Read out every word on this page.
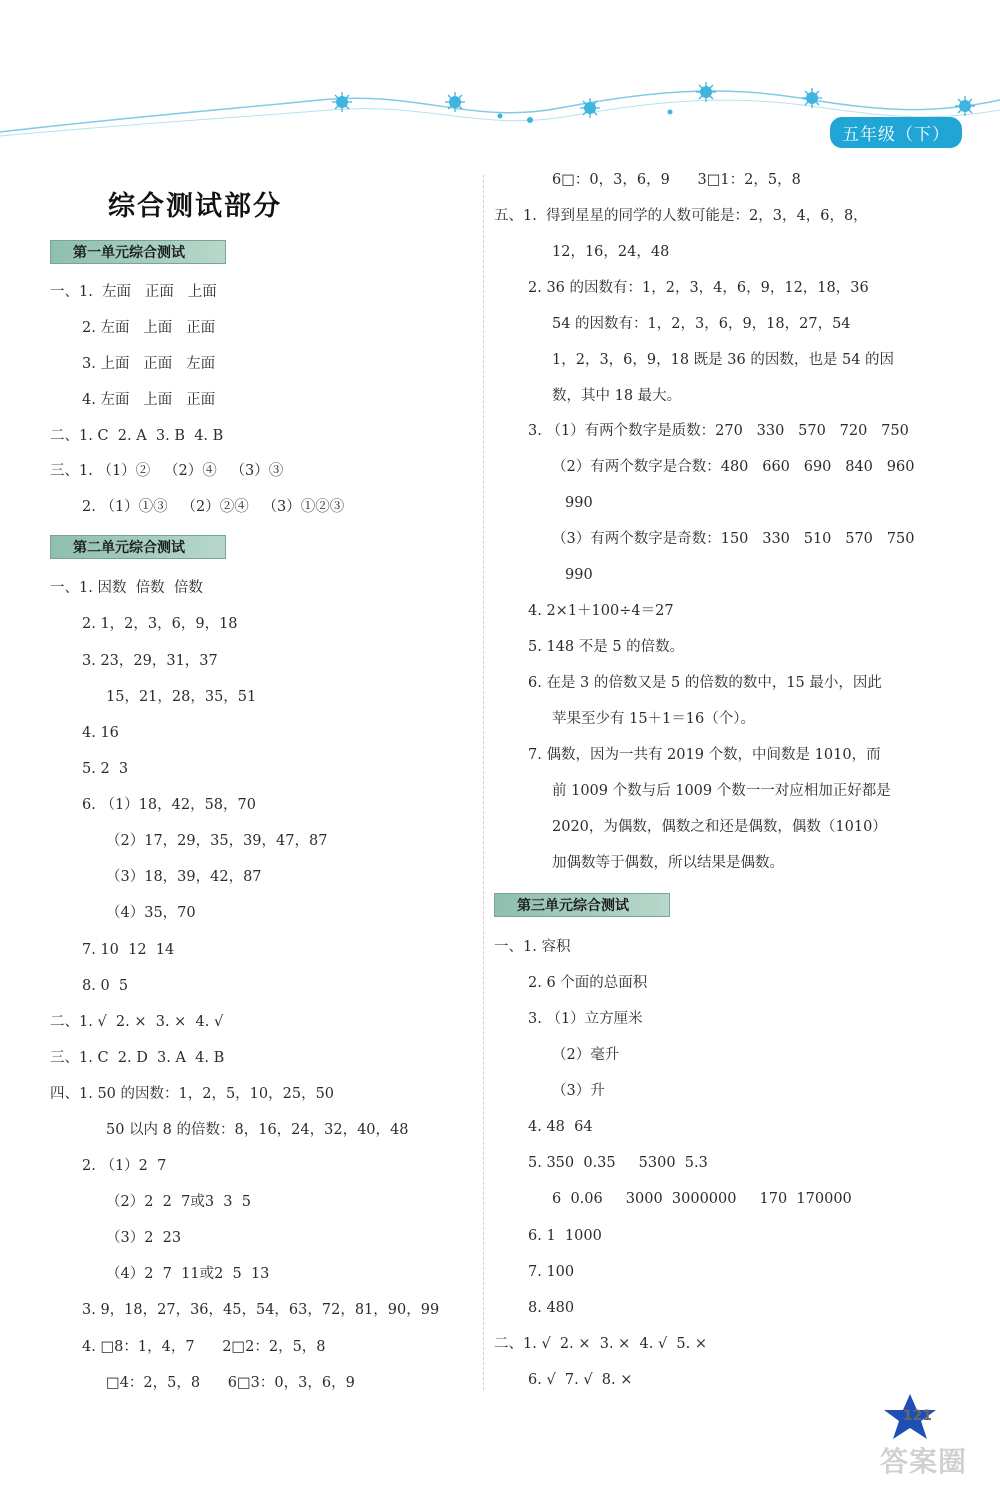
五年级（下）
综合测试部分
第一单元综合测试
第二单元综合测试
第三单元综合测试
一、1.  左面   正面   上面
2. 左面   上面   正面
3. 上面   正面   左面
4. 左面   上面   正面
二、1. C  2. A  3. B  4. B
三、1. （1）②   （2）④   （3）③
2. （1）①③   （2）②④   （3）①②③
一、1. 因数  倍数  倍数
2. 1，2，3，6，9，18
3. 23，29，31，37
15，21，28，35，51
4. 16
5. 2  3
6. （1）18，42，58，70
（2）17，29，35，39，47，87
（3）18，39，42，87
（4）35，70
7. 10  12  14
8. 0  5
二、1. √  2. ×  3. ×  4. √
三、1. C  2. D  3. A  4. B
四、1. 50 的因数：1，2，5，10，25，50
50 以内 8 的倍数：8，16，24，32，40，48
2. （1）2  7
（2）2  2  7或3  3  5
（3）2  23
（4）2  7  11或2  5  13
3. 9，18，27，36，45，54，63，72，81，90，99
4. □8：1，4，7      2□2：2，5，8
□4：2，5，8      6□3：0，3，6，9
6□：0，3，6，9      3□1：2，5，8
五、1.  得到星星的同学的人数可能是：2，3，4，6，8，
12，16，24，48
2. 36 的因数有：1，2，3，4，6，9，12，18，36
54 的因数有：1，2，3，6，9，18，27，54
1，2，3，6，9，18 既是 36 的因数，也是 54 的因
数，其中 18 最大。
3. （1）有两个数字是质数：270   330   570   720   750
（2）有两个数字是合数：480   660   690   840   960
990
（3）有两个数字是奇数：150   330   510   570   750
990
4. 2×1＋100÷4＝27
5. 148 不是 5 的倍数。
6. 在是 3 的倍数又是 5 的倍数的数中，15 最小，因此
苹果至少有 15＋1＝16（个）。
7. 偶数，因为一共有 2019 个数，中间数是 1010，而
前 1009 个数与后 1009 个数一一对应相加正好都是
2020，为偶数，偶数之和还是偶数，偶数（1010）
加偶数等于偶数，所以结果是偶数。
一、1. 容积
2. 6 个面的总面积
3. （1）立方厘米
（2）毫升
（3）升
4. 48  64
5. 350  0.35     5300  5.3
6  0.06     3000  3000000     170  170000
6. 1  1000
7. 100
8. 480
二、1. √  2. ×  3. ×  4. √  5. ×
6. √  7. √  8. ×
121
答案圈
